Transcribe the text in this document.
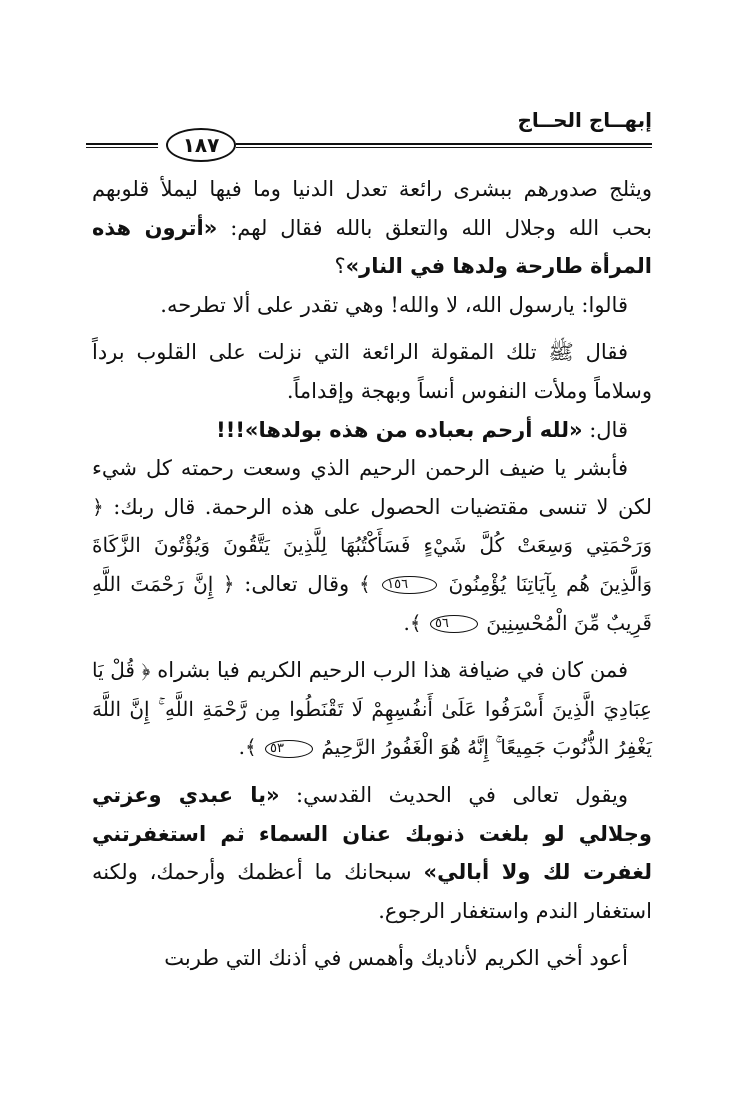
إبهــاج الحــاج
١٨٧

ويثلج صدورهم ببشرى رائعة تعدل الدنيا وما فيها ليملأ قلوبهم بحب الله وجلال الله والتعلق بالله فقال لهم: «أترون هذه المرأة طارحة ولدها في النار»؟

قالوا: يارسول الله، لا والله! وهي تقدر على ألا تطرحه.

فقال ﷺ تلك المقولة الرائعة التي نزلت على القلوب برداً وسلاماً وملأت النفوس أنساً وبهجة وإقداماً.

قال: «لله أرحم بعباده من هذه بولدها»!!!

فأبشر يا ضيف الرحمن الرحيم الذي وسعت رحمته كل شيء لكن لا تنسى مقتضيات الحصول على هذه الرحمة. قال ربك: ﴿ وَرَحْمَتِي وَسِعَتْ كُلَّ شَيْءٍ فَسَأَكْتُبُهَا لِلَّذِينَ يَتَّقُونَ وَيُؤْتُونَ الزَّكَاةَ وَالَّذِينَ هُم بِآيَاتِنَا يُؤْمِنُونَ ١٥٦ ﴾ وقال تعالى: ﴿ إِنَّ رَحْمَتَ اللَّهِ قَرِيبٌ مِّنَ الْمُحْسِنِينَ ٥٦ ﴾.

فمن كان في ضيافة هذا الرب الرحيم الكريم فيا بشراه ﴿ قُلْ يَا عِبَادِيَ الَّذِينَ أَسْرَفُوا عَلَىٰ أَنفُسِهِمْ لَا تَقْنَطُوا مِن رَّحْمَةِ اللَّهِ ۚ إِنَّ اللَّهَ يَغْفِرُ الذُّنُوبَ جَمِيعًا ۚ إِنَّهُ هُوَ الْغَفُورُ الرَّحِيمُ ٥٣ ﴾.

ويقول تعالى في الحديث القدسي: «يا عبدي وعزتي وجلالي لو بلغت ذنوبك عنان السماء ثم استغفرتني لغفرت لك ولا أبالي» سبحانك ما أعظمك وأرحمك، ولكنه استغفار الندم واستغفار الرجوع.

أعود أخي الكريم لأناديك وأهمس في أذنك التي طربت
